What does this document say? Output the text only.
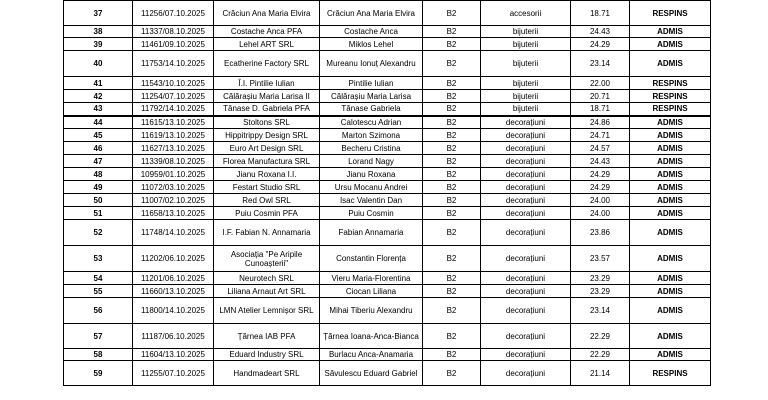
37	11256/07.10.2025	Crăciun Ana Maria Elvira	Crăciun Ana Maria Elvira	B2	accesorii	18.71	RESPINS
38	11337/08.10.2025	Costache Anca PFA	Costache Anca	B2	bijuterii	24.43	ADMIS
39	11461/09.10.2025	Lehel ART SRL	Miklos Lehel	B2	bijuterii	24.29	ADMIS
40	11753/14.10.2025	Ecatherine Factory SRL	Mureanu Ionuț Alexandru	B2	bijuterii	23.14	ADMIS
41	11543/10.10.2025	Î.I. Pintilie Iulian	Pintilie Iulian	B2	bijuterii	22.00	RESPINS
42	11254/07.10.2025	Călărașiu Maria Larisa II	Călărașiu Maria Larisa	B2	bijuterii	20.71	RESPINS
43	11792/14.10.2025	Tănase D. Gabriela PFA	Tănase Gabriela	B2	bijuterii	18.71	RESPINS
44	11615/13.10.2025	Stoltons SRL	Calotescu Adrian	B2	decorațiuni	24.86	ADMIS
45	11619/13.10.2025	Hippitrippy Design SRL	Marton Szimona	B2	decorațiuni	24.71	ADMIS
46	11627/13.10.2025	Euro Art Design SRL	Becheru Cristina	B2	decorațiuni	24.57	ADMIS
47	11339/08.10.2025	Florea Manufactura SRL	Lorand Nagy	B2	decorațiuni	24.43	ADMIS
48	10959/01.10.2025	Jianu Roxana I.I.	Jianu Roxana	B2	decorațiuni	24.29	ADMIS
49	11072/03.10.2025	Festart Studio SRL	Ursu Mocanu Andrei	B2	decorațiuni	24.29	ADMIS
50	11007/02.10.2025	Red Owl SRL	Isac Valentin Dan	B2	decorațiuni	24.00	ADMIS
51	11658/13.10.2025	Puiu Cosmin PFA	Puiu Cosmin	B2	decorațiuni	24.00	ADMIS
52	11748/14.10.2025	I.F. Fabian N. Annamaria	Fabian Annamaria	B2	decorațiuni	23.86	ADMIS
53	11202/06.10.2025	Asociația "Pe Aripile Cunoașterii"	Constantin Florența	B2	decorațiuni	23.57	ADMIS
54	11201/06.10.2025	Neurotech SRL	Vieru Maria-Florentina	B2	decorațiuni	23.29	ADMIS
55	11660/13.10.2025	Liliana Arnaut Art SRL	Ciocan Liliana	B2	decorațiuni	23.29	ADMIS
56	11800/14.10.2025	LMN Atelier Lemnișor SRL	Mihai Tiberiu Alexandru	B2	decorațiuni	23.14	ADMIS
57	11187/06.10.2025	Țărnea IAB PFA	Țărnea Ioana-Anca-Bianca	B2	decorațiuni	22.29	ADMIS
58	11604/13.10.2025	Eduard Industry SRL	Burlacu Anca-Anamaria	B2	decorațiuni	22.29	ADMIS
59	11255/07.10.2025	Handmadeart SRL	Săvulescu Eduard Gabriel	B2	decorațiuni	21.14	RESPINS
